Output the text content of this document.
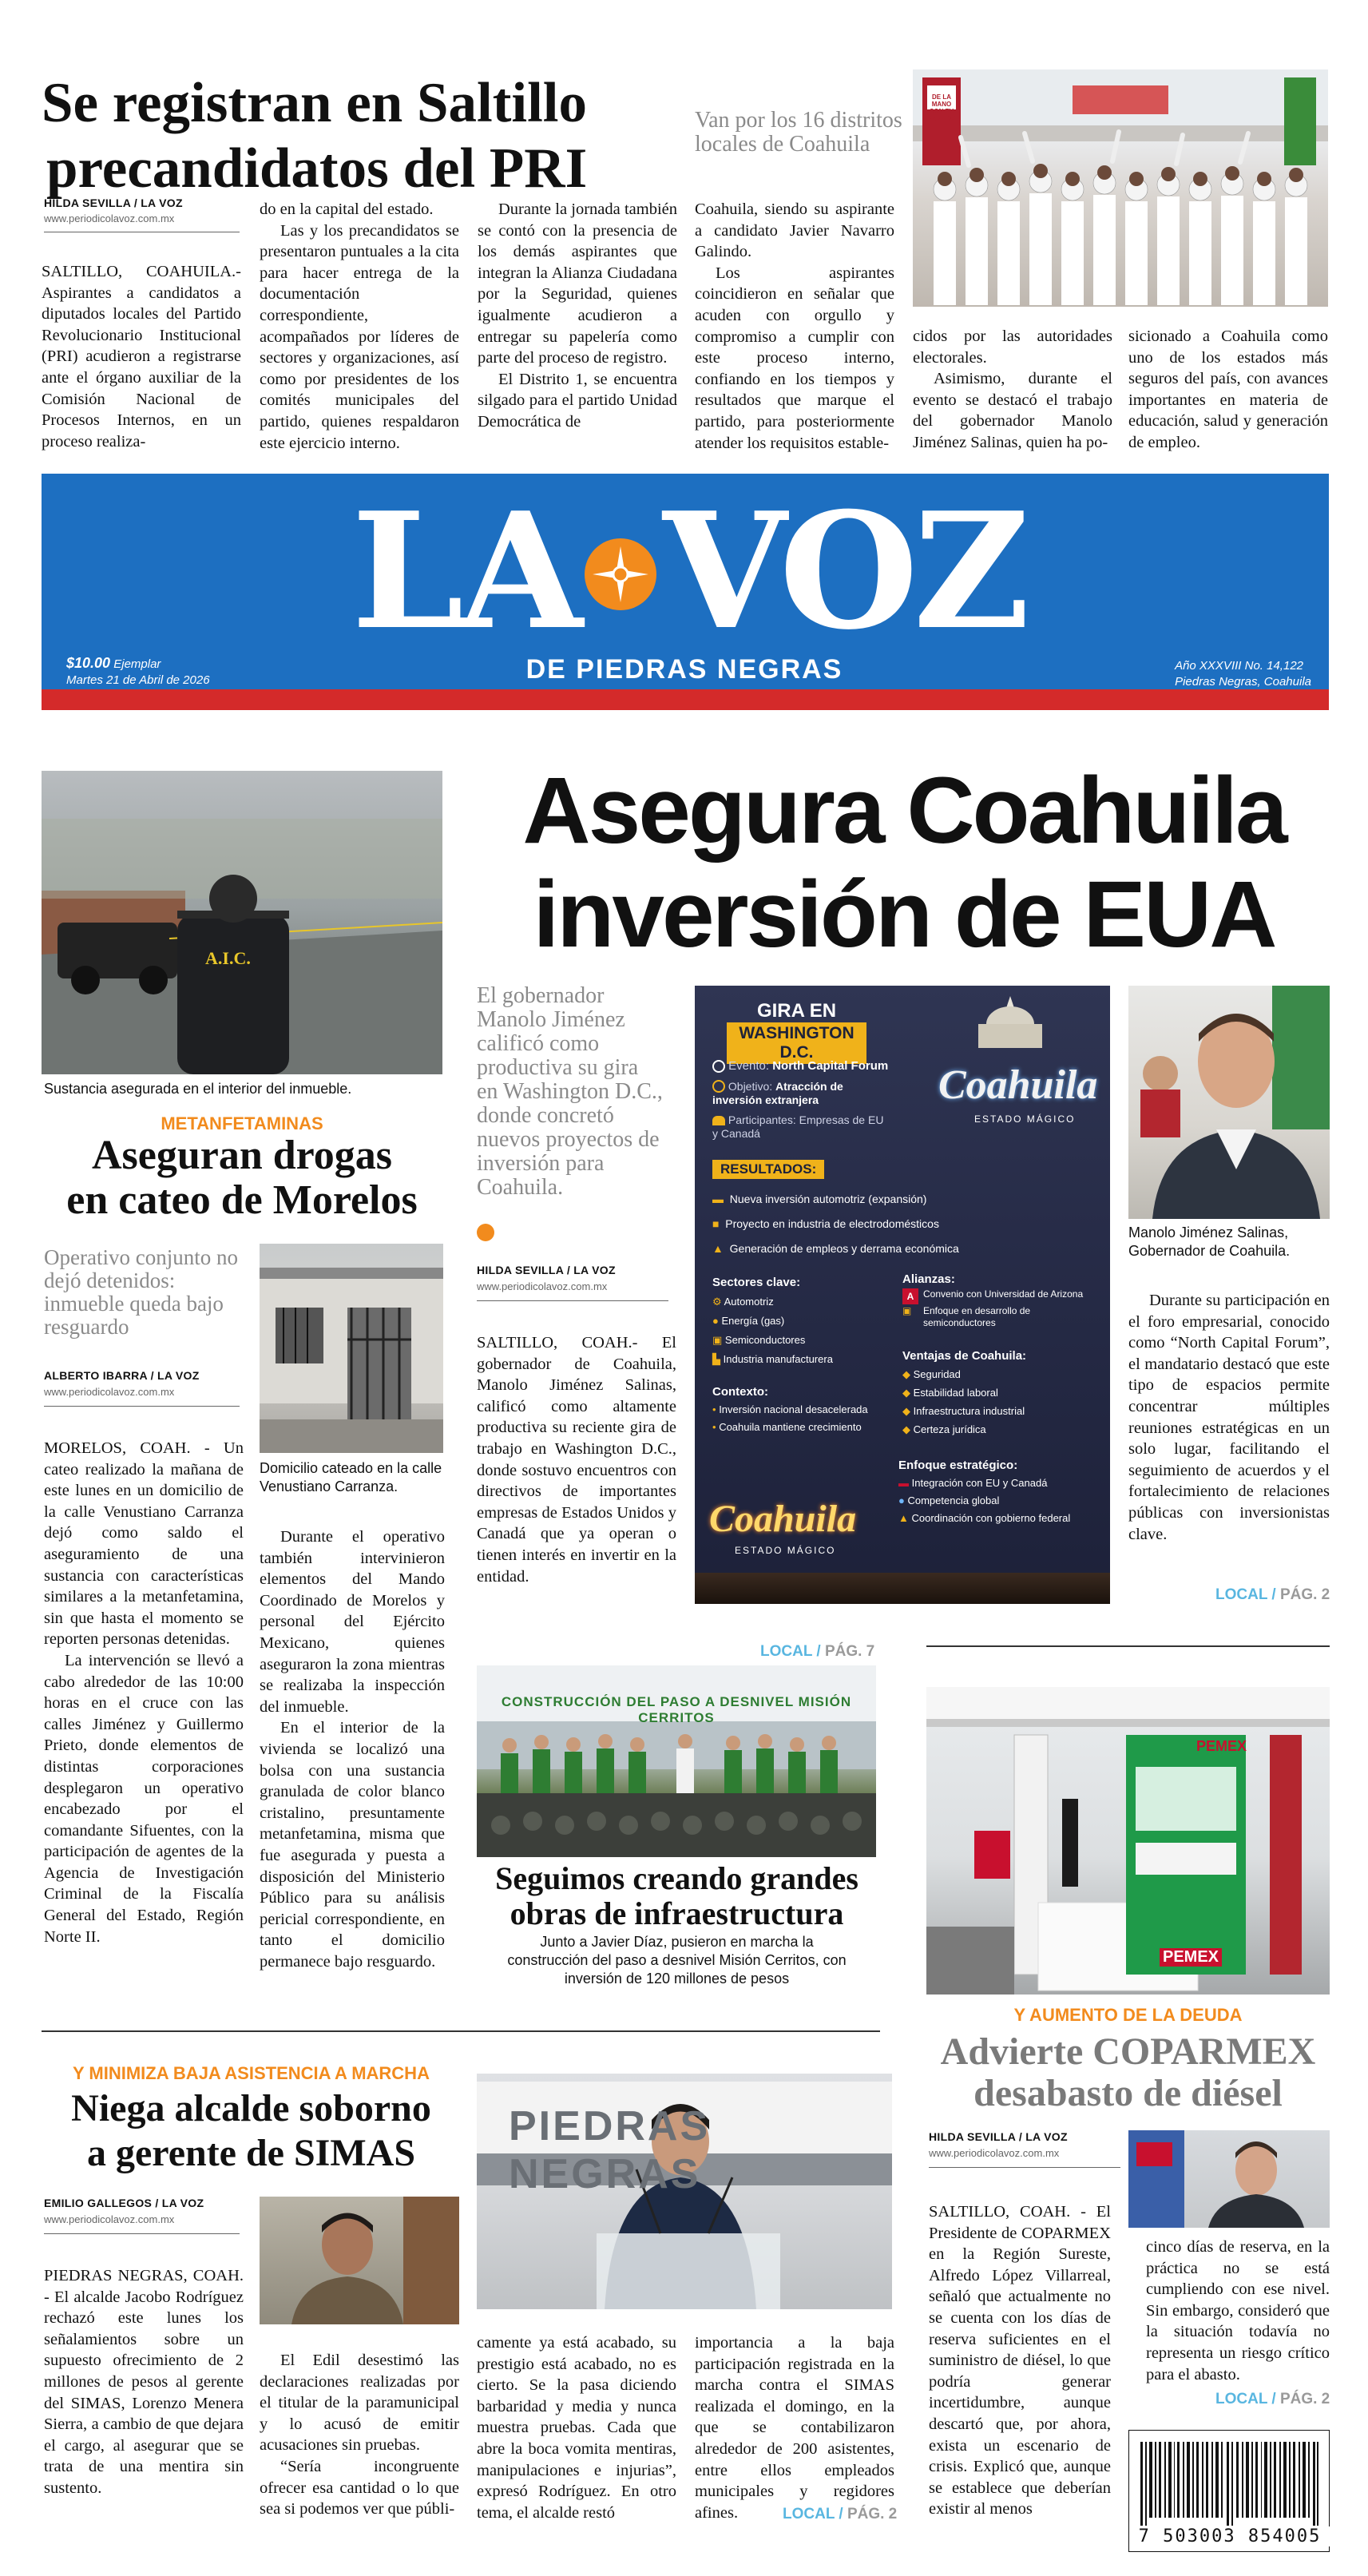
Se registran en Saltillo
precandidatos del PRI
Van por los 16 distritos locales de Coahuila
HILDA SEVILLA / LA VOZ
www.periodicolavoz.com.mx

SALTILLO, COAHUILA.- Aspirantes a candidatos a diputados locales del Partido Revolucionario Institucional (PRI) acudieron a registrarse ante el órgano auxiliar de la Comisión Nacional de Procesos Internos, en un proceso realiza-

do en la capital del estado.

Las y los precandidatos se presentaron puntuales a la cita para hacer entrega de la documentación correspondiente, acompañados por líderes de sectores y organizaciones, así como por presidentes de los comités municipales del partido, quienes respaldaron este ejercicio interno.

Durante la jornada también se contó con la presencia de los demás aspirantes que integran la Alianza Ciudadana por la Seguridad, quienes igualmente acudieron a entregar su papelería como parte del proceso de registro.

El Distrito 1, se encuentra silgado para el partido Unidad Democrática de

Coahuila, siendo su aspirante a candidato Javier Navarro Galindo.

Los aspirantes coincidieron en señalar que acuden con orgullo y compromiso a cumplir con este proceso interno, confiando en los tiempos y resultados que marque el partido, para posteriormente atender los requisitos estable-

cidos por las autoridades electorales.

Asimismo, durante el evento se destacó el trabajo del gobernador Manolo Jiménez Salinas, quien ha po-

sicionado a Coahuila como uno de los estados más seguros del país, con avances importantes en materia de educación, salud y generación de empleo.

DE LA MANO CON TU PARTIDO
LA VOZ
DE PIEDRAS NEGRAS
$10.00 Ejemplar
Martes 21 de Abril de 2026
Año XXXVIII No. 14,122
Piedras Negras, Coahuila
A.I.C.
Sustancia asegurada en el interior del inmueble.
METANFETAMINAS
Aseguran drogas
en cateo de Morelos
Operativo conjunto no dejó detenidos: inmueble queda bajo resguardo
ALBERTO IBARRA / LA VOZ
www.periodicolavoz.com.mx

MORELOS, COAH. - Un cateo realizado la mañana de este lunes en un domicilio de la calle Venustiano Carranza dejó como saldo el aseguramiento de una sustancia con características similares a la metanfetamina, sin que hasta el momento se reporten personas detenidas.

La intervención se llevó a cabo alrededor de las 10:00 horas en el cruce con las calles Jiménez y Guillermo Prieto, donde elementos de distintas corporaciones desplegaron un operativo encabezado por el comandante Sifuentes, con la participación de agentes de la Agencia de Investigación Criminal de la Fiscalía General del Estado, Región Norte II.

Domicilio cateado en la calle Venustiano Carranza.

Durante el operativo también intervinieron elementos del Mando Coordinado de Morelos y personal del Ejército Mexicano, quienes aseguraron la zona mientras se realizaba la inspección del inmueble.

En el interior de la vivienda se localizó una bolsa con una sustancia granulada de color blanco cristalino, presuntamente metanfetamina, misma que fue asegurada y puesta a disposición del Ministerio Público para su análisis pericial correspondiente, en tanto el domicilio permanece bajo resguardo.

Asegura Coahuila
inversión de EUA
El gobernador Manolo Jiménez calificó como productiva su gira en Washington D.C., donde concretó nuevos proyectos de inversión para Coahuila.
HILDA SEVILLA / LA VOZ
www.periodicolavoz.com.mx

SALTILLO, COAH.- El gobernador de Coahuila, Manolo Jiménez Salinas, calificó como altamente productiva su reciente gira de trabajo en Washington D.C., donde sostuvo encuentros con directivos de importantes empresas de Estados Unidos y Canadá que ya operan o tienen interés en invertir en la entidad.

GIRA EN
WASHINGTON D.C.
Evento: North Capital Forum
Objetivo: Atracción de inversión extranjera
Participantes: Empresas de EU y Canadá
Coahuila
ESTADO MÁGICO
RESULTADOS:
▬ Nueva inversión automotriz (expansión)
■ Proyecto en industria de electrodomésticos
▲ Generación de empleos y derrama económica
Sectores clave:
⚙ Automotriz
● Energía (gas)
▣ Semiconductores
▙ Industria manufacturera
Contexto:
• Inversión nacional desacelerada
• Coahuila mantiene crecimiento
Alianzas:
A Convenio con Universidad de Arizona
▣ Enfoque en desarrollo de semiconductores
Ventajas de Coahuila:
◆ Seguridad
◆ Estabilidad laboral
◆ Infraestructura industrial
◆ Certeza jurídica
Enfoque estratégico:
▬ Integración con EU y Canadá
● Competencia global
▲ Coordinación con gobierno federal
Coahuila
ESTADO MÁGICO
Manolo Jiménez Salinas, Gobernador de Coahuila.

Durante su participación en el foro empresarial, conocido como “North Capital Forum”, el mandatario destacó que este tipo de espacios permite concentrar múltiples reuniones estratégicas en un solo lugar, facilitando el seguimiento de acuerdos y el fortalecimiento de relaciones públicas con inversionistas clave.

LOCAL / PÁG. 2
LOCAL / PÁG. 7
CONSTRUCCIÓN DEL PASO A DESNIVEL MISIÓN CERRITOS
Seguimos creando grandes
obras de infraestructura
Junto a Javier Díaz, pusieron en marcha la construcción del paso a desnivel Misión Cerritos, con inversión de 120 millones de pesos
PEMEX
PEMEX
Y AUMENTO DE LA DEUDA
Advierte COPARMEX
desabasto de diésel
HILDA SEVILLA / LA VOZ
www.periodicolavoz.com.mx

SALTILLO, COAH. - El Presidente de COPARMEX en la Región Sureste, Alfredo López Villarreal, señaló que actualmente no se cuenta con los días de reserva suficientes en el suministro de diésel, lo que podría generar incertidumbre, aunque descartó que, por ahora, exista un escenario de crisis. Explicó que, aunque se establece que deberían existir al menos

cinco días de reserva, en la práctica no se está cumpliendo con ese nivel. Sin embargo, consideró que la situación todavía no representa un riesgo crítico para el abasto.

LOCAL / PÁG. 2
7 503003 854005
Y MINIMIZA BAJA ASISTENCIA A MARCHA
Niega alcalde soborno
a gerente de SIMAS
EMILIO GALLEGOS / LA VOZ
www.periodicolavoz.com.mx

PIEDRAS NEGRAS, COAH. - El alcalde Jacobo Rodríguez rechazó este lunes los señalamientos sobre un supuesto ofrecimiento de 2 millones de pesos al gerente del SIMAS, Lorenzo Menera Sierra, a cambio de que dejara el cargo, al asegurar que se trata de una mentira sin sustento.

El Edil desestimó las declaraciones realizadas por el titular de la paramunicipal y lo acusó de emitir acusaciones sin pruebas.

“Sería incongruente ofrecer esa cantidad o lo que sea si podemos ver que públi-

PIEDRAS NEGRAS

camente ya está acabado, su prestigio está acabado, no es cierto. Se la pasa diciendo barbaridad y media y nunca muestra pruebas. Cada que abre la boca vomita mentiras, manipulaciones e injurias”, expresó Rodríguez. En otro tema, el alcalde restó

importancia a la baja participación registrada en la marcha contra el SIMAS realizada el domingo, en la que se contabilizaron alrededor de 200 asistentes, entre ellos empleados municipales y regidores afines.	LOCAL / PÁG. 2
